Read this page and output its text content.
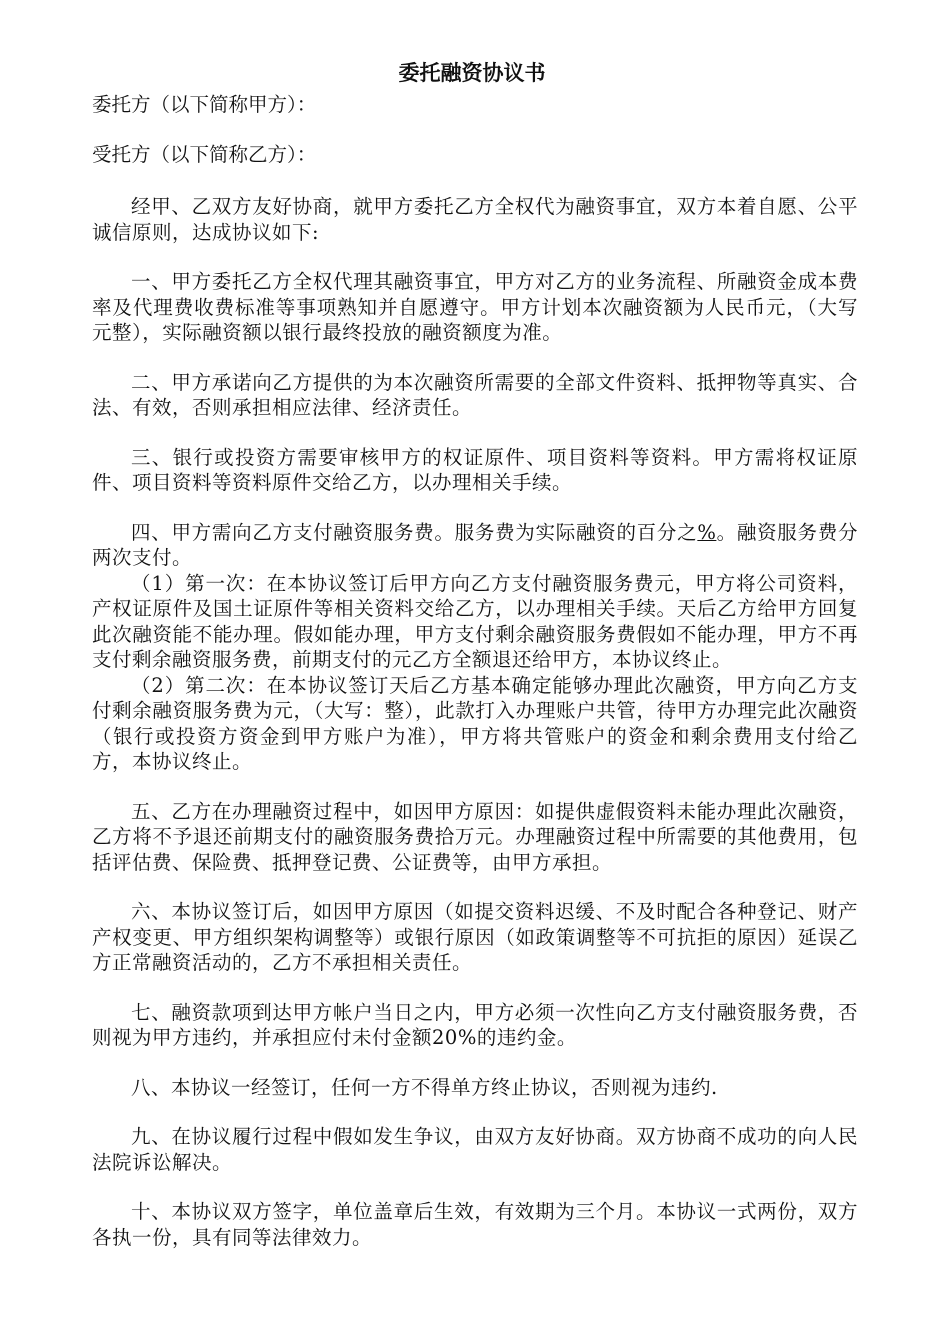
委托融资协议书
委托方（以下简称甲方）：
受托方（以下简称乙方）：
经甲、乙双方友好协商，就甲方委托乙方全权代为融资事宜，双方本着自愿、公平诚信原则，达成协议如下:
一、甲方委托乙方全权代理其融资事宜，甲方对乙方的业务流程、所融资金成本费率及代理费收费标准等事项熟知并自愿遵守。甲方计划本次融资额为人民币元，（大写元整），实际融资额以银行最终投放的融资额度为准。
二、甲方承诺向乙方提供的为本次融资所需要的全部文件资料、抵押物等真实、合法、有效，否则承担相应法律、经济责任。
三、银行或投资方需要审核甲方的权证原件、项目资料等资料。甲方需将权证原件、项目资料等资料原件交给乙方，以办理相关手续。
四、甲方需向乙方支付融资服务费。服务费为实际融资的百分之%。融资服务费分两次支付。
（1）第一次：在本协议签订后甲方向乙方支付融资服务费元，甲方将公司资料，产权证原件及国土证原件等相关资料交给乙方，以办理相关手续。天后乙方给甲方回复此次融资能不能办理。假如能办理，甲方支付剩余融资服务费假如不能办理，甲方不再支付剩余融资服务费，前期支付的元乙方全额退还给甲方，本协议终止。
（2）第二次：在本协议签订天后乙方基本确定能够办理此次融资，甲方向乙方支付剩余融资服务费为元，（大写：整），此款打入办理账户共管，待甲方办理完此次融资（银行或投资方资金到甲方账户为准），甲方将共管账户的资金和剩余费用支付给乙方，本协议终止。
五、乙方在办理融资过程中，如因甲方原因：如提供虚假资料未能办理此次融资，乙方将不予退还前期支付的融资服务费拾万元。办理融资过程中所需要的其他费用，包括评估费、保险费、抵押登记费、公证费等，由甲方承担。
六、本协议签订后，如因甲方原因（如提交资料迟缓、不及时配合各种登记、财产产权变更、甲方组织架构调整等）或银行原因（如政策调整等不可抗拒的原因）延误乙方正常融资活动的，乙方不承担相关责任。
七、融资款项到达甲方帐户当日之内，甲方必须一次性向乙方支付融资服务费，否则视为甲方违约，并承担应付未付金额20%的违约金。
八、本协议一经签订，任何一方不得单方终止协议，否则视为违约.
九、在协议履行过程中假如发生争议，由双方友好协商。双方协商不成功的向人民法院诉讼解决。
十、本协议双方签字，单位盖章后生效，有效期为三个月。本协议一式两份，双方各执一份，具有同等法律效力。
